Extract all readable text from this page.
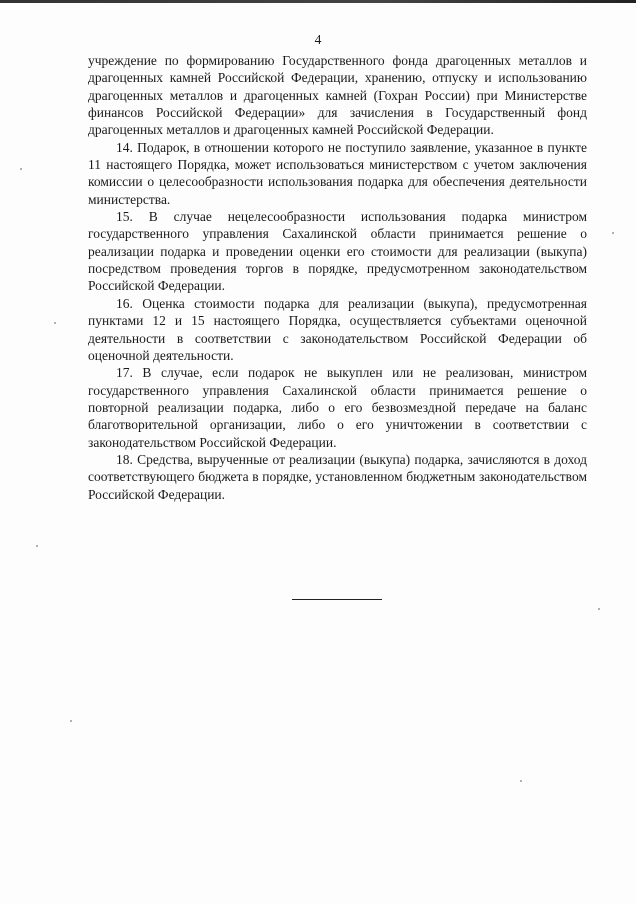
4

учреждение по формированию Государственного фонда драгоценных металлов и драгоценных камней Российской Федерации, хранению, отпуску и использованию драгоценных металлов и драгоценных камней (Гохран России) при Министерстве финансов Российской Федерации» для зачисления в Государственный фонд драгоценных металлов и драгоценных камней Российской Федерации.

14. Подарок, в отношении которого не поступило заявление, указанное в пункте 11 настоящего Порядка, может использоваться министерством с учетом заключения комиссии о целесообразности использования подарка для обеспечения деятельности министерства.

15. В случае нецелесообразности использования подарка министром государственного управления Сахалинской области принимается решение о реализации подарка и проведении оценки его стоимости для реализации (выкупа) посредством проведения торгов в порядке, предусмотренном законодательством Российской Федерации.

16. Оценка стоимости подарка для реализации (выкупа), предусмотренная пунктами 12 и 15 настоящего Порядка, осуществляется субъектами оценочной деятельности в соответствии с законодательством Российской Федерации об оценочной деятельности.

17. В случае, если подарок не выкуплен или не реализован, министром государственного управления Сахалинской области принимается решение о повторной реализации подарка, либо о его безвозмездной передаче на баланс благотворительной организации, либо о его уничтожении в соответствии с законодательством Российской Федерации.

18. Средства, вырученные от реализации (выкупа) подарка, зачисляются в доход соответствующего бюджета в порядке, установленном бюджетным законодательством Российской Федерации.
